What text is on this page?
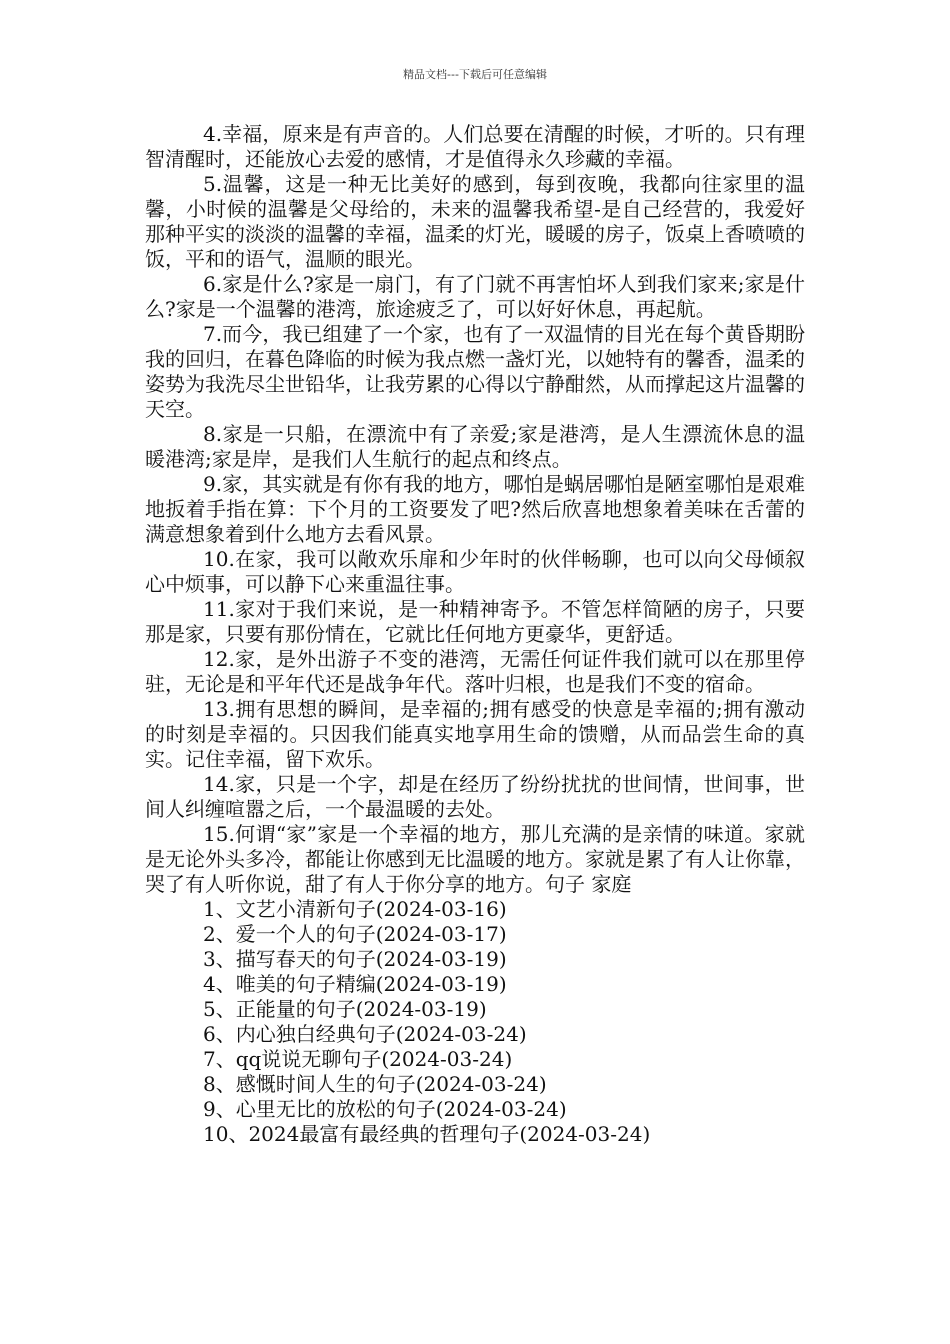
精品文档---下载后可任意编辑

4.幸福，原来是有声音的。人们总要在清醒的时候，才听的。只有理智清醒时，还能放心去爱的感情，才是值得永久珍藏的幸福。

5.温馨，这是一种无比美好的感到，每到夜晚，我都向往家里的温馨，小时候的温馨是父母给的，未来的温馨我希望-是自己经营的，我爱好那种平实的淡淡的温馨的幸福，温柔的灯光，暖暖的房子，饭桌上香喷喷的饭，平和的语气，温顺的眼光。

6.家是什么?家是一扇门，有了门就不再害怕坏人到我们家来;家是什么?家是一个温馨的港湾，旅途疲乏了，可以好好休息，再起航。

7.而今，我已组建了一个家，也有了一双温情的目光在每个黄昏期盼我的回归，在暮色降临的时候为我点燃一盏灯光，以她特有的馨香，温柔的姿势为我洗尽尘世铅华，让我劳累的心得以宁静酣然，从而撑起这片温馨的天空。

8.家是一只船，在漂流中有了亲爱;家是港湾，是人生漂流休息的温暖港湾;家是岸，是我们人生航行的起点和终点。

9.家，其实就是有你有我的地方，哪怕是蜗居哪怕是陋室哪怕是艰难地扳着手指在算：下个月的工资要发了吧?然后欣喜地想象着美味在舌蕾的满意想象着到什么地方去看风景。

10.在家，我可以敞欢乐扉和少年时的伙伴畅聊，也可以向父母倾叙心中烦事，可以静下心来重温往事。

11.家对于我们来说，是一种精神寄予。不管怎样简陋的房子，只要那是家，只要有那份情在，它就比任何地方更豪华，更舒适。

12.家，是外出游子不变的港湾，无需任何证件我们就可以在那里停驻，无论是和平年代还是战争年代。落叶归根，也是我们不变的宿命。

13.拥有思想的瞬间，是幸福的;拥有感受的快意是幸福的;拥有激动的时刻是幸福的。只因我们能真实地享用生命的馈赠，从而品尝生命的真实。记住幸福，留下欢乐。

14.家，只是一个字，却是在经历了纷纷扰扰的世间情，世间事，世间人纠缠喧嚣之后，一个最温暖的去处。

15.何谓“家”家是一个幸福的地方，那儿充满的是亲情的味道。家就是无论外头多冷，都能让你感到无比温暖的地方。家就是累了有人让你靠，哭了有人听你说，甜了有人于你分享的地方。句子 家庭

1、文艺小清新句子(2024-03-16)
2、爱一个人的句子(2024-03-17)
3、描写春天的句子(2024-03-19)
4、唯美的句子精编(2024-03-19)
5、正能量的句子(2024-03-19)
6、内心独白经典句子(2024-03-24)
7、qq说说无聊句子(2024-03-24)
8、感慨时间人生的句子(2024-03-24)
9、心里无比的放松的句子(2024-03-24)
10、2024最富有最经典的哲理句子(2024-03-24)
